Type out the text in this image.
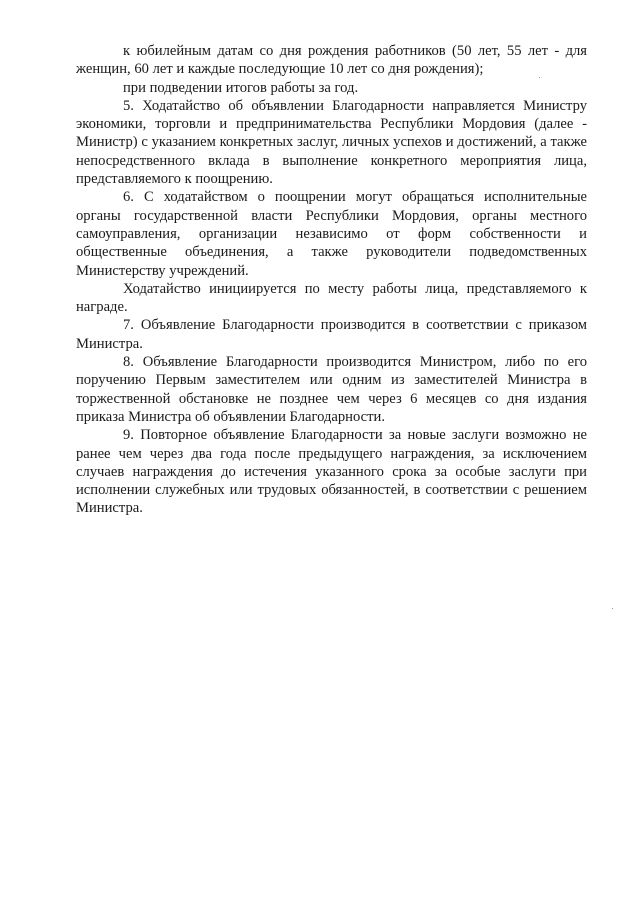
к юбилейным датам со дня рождения работников (50 лет, 55 лет - для женщин, 60 лет и каждые последующие 10 лет со дня рождения);

при подведении итогов работы за год.

5. Ходатайство об объявлении Благодарности направляется Министру экономики, торговли и предпринимательства Республики Мордовия (далее - Министр) с указанием конкретных заслуг, личных успехов и достижений, а также непосредственного вклада в выполнение конкретного мероприятия лица, представляемого к поощрению.

6. С ходатайством о поощрении могут обращаться исполнительные органы государственной власти Республики Мордовия, органы местного самоуправления, организации независимо от форм собственности и общественные объединения, а также руководители подведомственных Министерству учреждений.

Ходатайство инициируется по месту работы лица, представляемого к награде.

7. Объявление Благодарности производится в соответствии с приказом Министра.

8. Объявление Благодарности производится Министром, либо по его поручению Первым заместителем или одним из заместителей Министра в торжественной обстановке не позднее чем через 6 месяцев со дня издания приказа Министра об объявлении Благодарности.

9. Повторное объявление Благодарности за новые заслуги возможно не ранее чем через два года после предыдущего награждения, за исключением случаев награждения до истечения указанного срока за особые заслуги при исполнении служебных или трудовых обязанностей, в соответствии с решением Министра.
